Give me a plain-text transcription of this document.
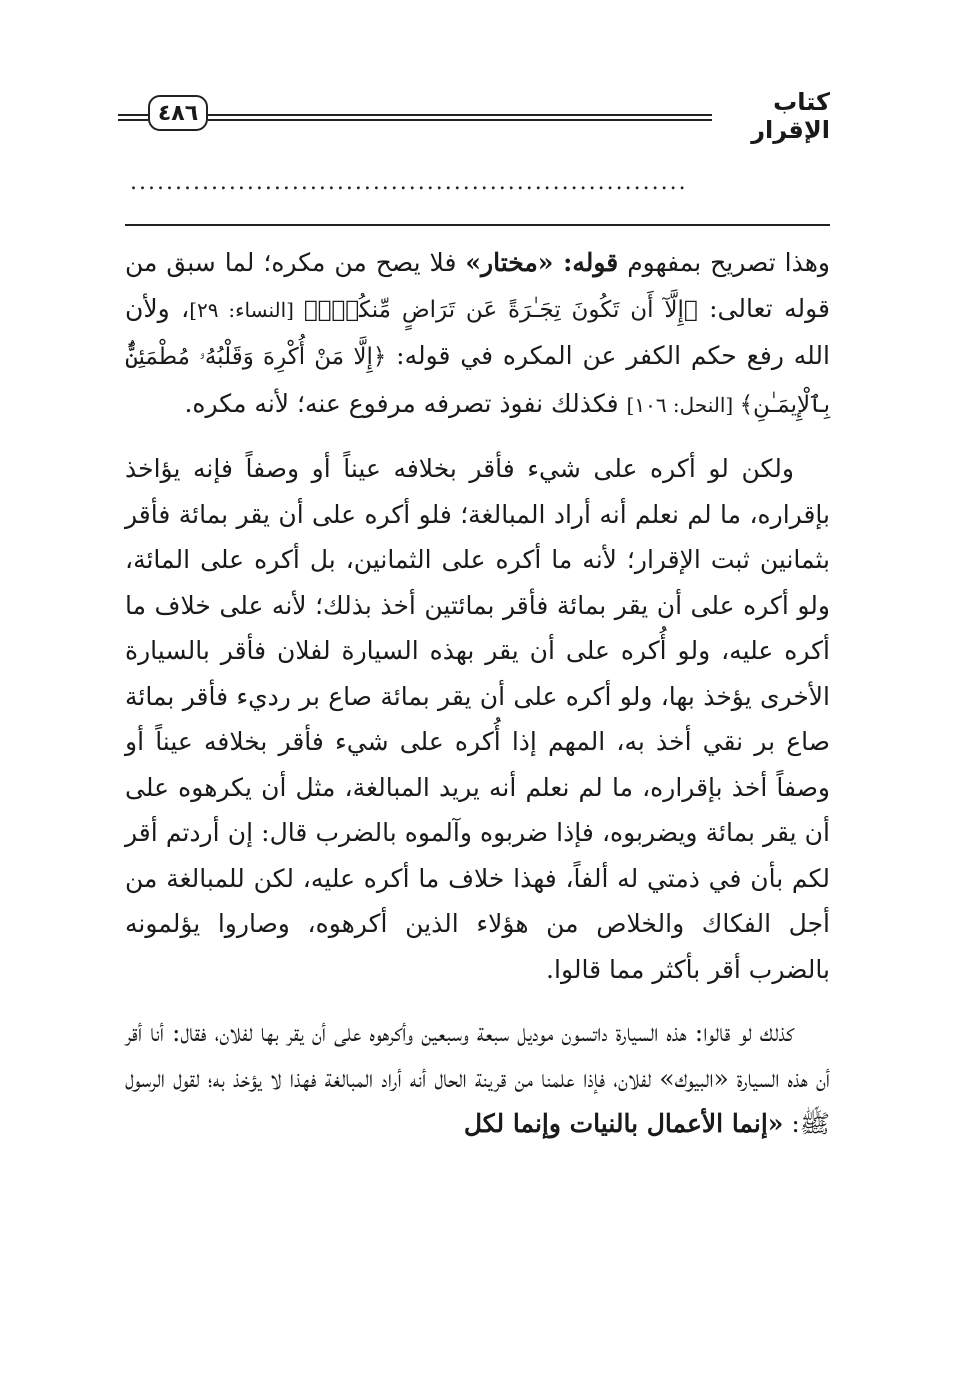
٤٨٦	كتاب الإقرار
..............................................................

وهذا تصريح بمفهوم قوله: «مختار» فلا يصح من مكره؛ لما سبق من قوله تعالى: ﴿إِلَّآ أَن تَكُونَ تِجَـٰرَةً عَن تَرَاضٍ مِّنكُمْۚ﴾ [النساء: ٢٩]، ولأن الله رفع حكم الكفر عن المكره في قوله: ﴿إِلَّا مَنْ أُكْرِهَ وَقَلْبُهُۥ مُطْمَئِنٌّۢ بِٱلْإِيمَـٰنِ﴾ [النحل: ١٠٦] فكذلك نفوذ تصرفه مرفوع عنه؛ لأنه مكره.

ولكن لو أكره على شيء فأقر بخلافه عيناً أو وصفاً فإنه يؤاخذ بإقراره، ما لم نعلم أنه أراد المبالغة؛ فلو أكره على أن يقر بمائة فأقر بثمانين ثبت الإقرار؛ لأنه ما أكره على الثمانين، بل أكره على المائة، ولو أكره على أن يقر بمائة فأقر بمائتين أخذ بذلك؛ لأنه على خلاف ما أكره عليه، ولو أُكره على أن يقر بهذه السيارة لفلان فأقر بالسيارة الأخرى يؤخذ بها، ولو أكره على أن يقر بمائة صاع بر رديء فأقر بمائة صاع بر نقي أخذ به، المهم إذا أُكره على شيء فأقر بخلافه عيناً أو وصفاً أخذ بإقراره، ما لم نعلم أنه يريد المبالغة، مثل أن يكرهوه على أن يقر بمائة ويضربوه، فإذا ضربوه وآلموه بالضرب قال: إن أردتم أقر لكم بأن في ذمتي له ألفاً، فهذا خلاف ما أكره عليه، لكن للمبالغة من أجل الفكاك والخلاص من هؤلاء الذين أكرهوه، وصاروا يؤلمونه بالضرب أقر بأكثر مما قالوا.

كذلك لو قالوا: هذه السيارة داتسون موديل سبعة وسبعين وأكرهوه على أن يقر بها لفلان، فقال: أنا أقر أن هذه السيارة «البيوك» لفلان، فإذا علمنا من قرينة الحال أنه أراد المبالغة فهذا لا يؤخذ به؛ لقول الرسول ﷺ: «إنما الأعمال بالنيات وإنما لكل
